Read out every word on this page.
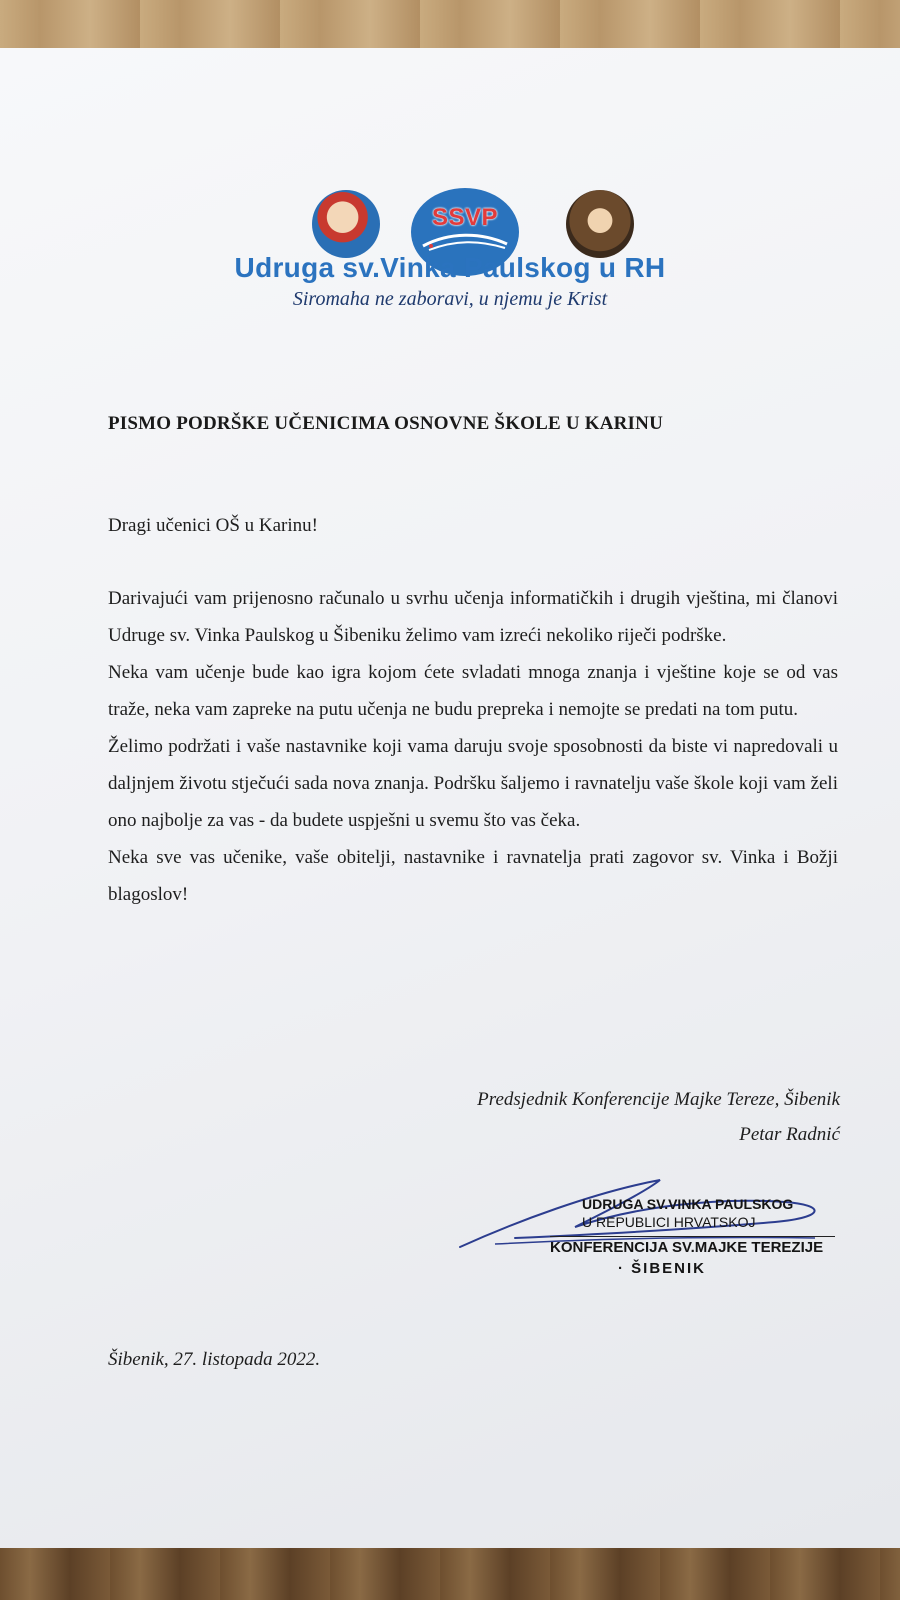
SSVP
Udruga sv.Vinka Paulskog u RH
Siromaha ne zaboravi, u njemu je Krist
PISMO PODRŠKE UČENICIMA OSNOVNE ŠKOLE U KARINU
Dragi učenici OŠ u Karinu!

Darivajući vam prijenosno računalo u svrhu učenja informatičkih i drugih vještina, mi članovi Udruge sv. Vinka Paulskog u Šibeniku želimo vam izreći nekoliko riječi podrške.

Neka vam učenje bude kao igra kojom ćete svladati mnoga znanja i vještine koje se od vas traže, neka vam zapreke na putu učenja ne budu prepreka i nemojte se predati na tom putu.

Želimo podržati i vaše nastavnike koji vama daruju svoje sposobnosti da biste vi napredovali u daljnjem životu stječući sada nova znanja. Podršku šaljemo i ravnatelju vaše škole koji vam želi ono najbolje za vas - da budete uspješni u svemu što vas čeka.

Neka sve vas učenike, vaše obitelji, nastavnike i ravnatelja prati zagovor sv. Vinka i Božji blagoslov!

Predsjednik Konferencije Majke Tereze, Šibenik
Petar Radnić
UDRUGA SV.VINKA PAULSKOG
U REPUBLICI HRVATSKOJ
KONFERENCIJA SV.MAJKE TEREZIJE
· ŠIBENIK
Šibenik, 27. listopada 2022.
